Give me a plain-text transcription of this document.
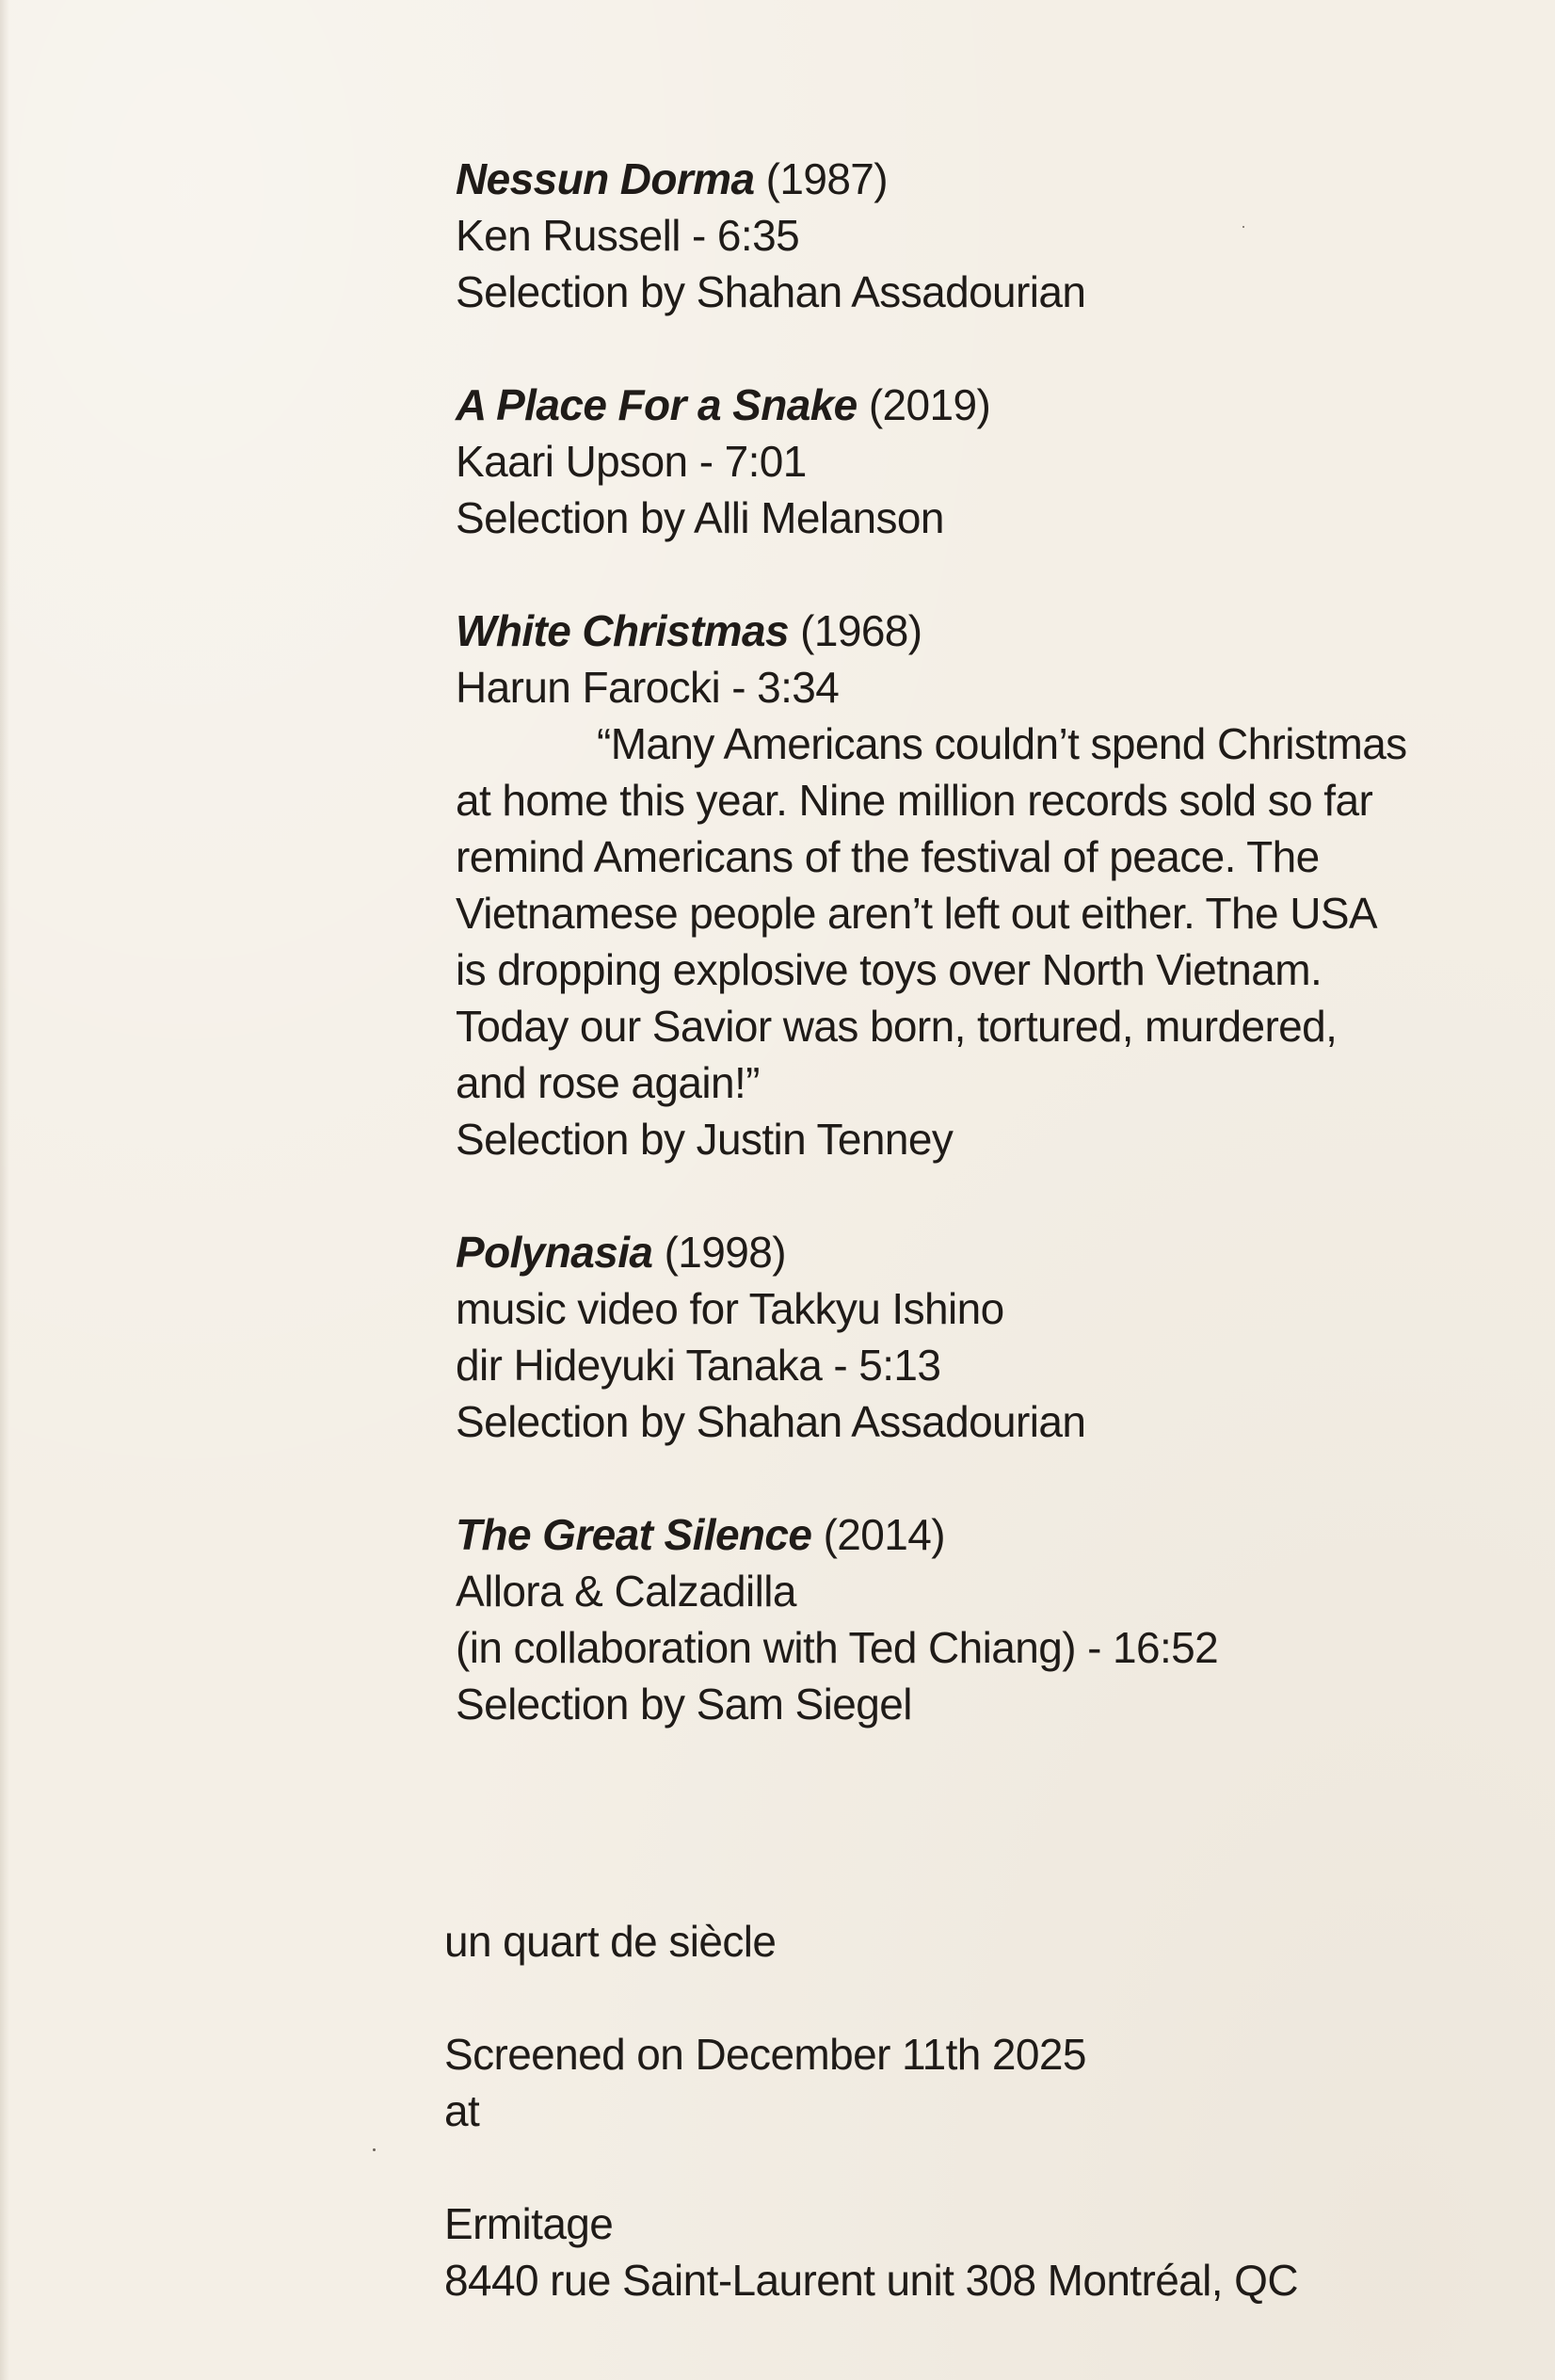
Nessun Dorma (1987)
Ken Russell - 6:35
Selection by Shahan Assadourian
A Place For a Snake (2019)
Kaari Upson - 7:01
Selection by Alli Melanson
White Christmas (1968)
Harun Farocki - 3:34
“Many Americans couldn’t spend Christmas at home this year. Nine million records sold so far remind Americans of the festival of peace. The Vietnamese people aren’t left out either. The USA is dropping explosive toys over North Vietnam. Today our Savior was born, tortured, murdered, and rose again!”
Selection by Justin Tenney
Polynasia (1998)
music video for Takkyu Ishino
dir Hideyuki Tanaka - 5:13
Selection by Shahan Assadourian
The Great Silence (2014)
Allora & Calzadilla
(in collaboration with Ted Chiang) - 16:52
Selection by Sam Siegel
un quart de siècle
Screened on December 11th 2025
at
Ermitage
8440 rue Saint-Laurent unit 308 Montréal, QC
